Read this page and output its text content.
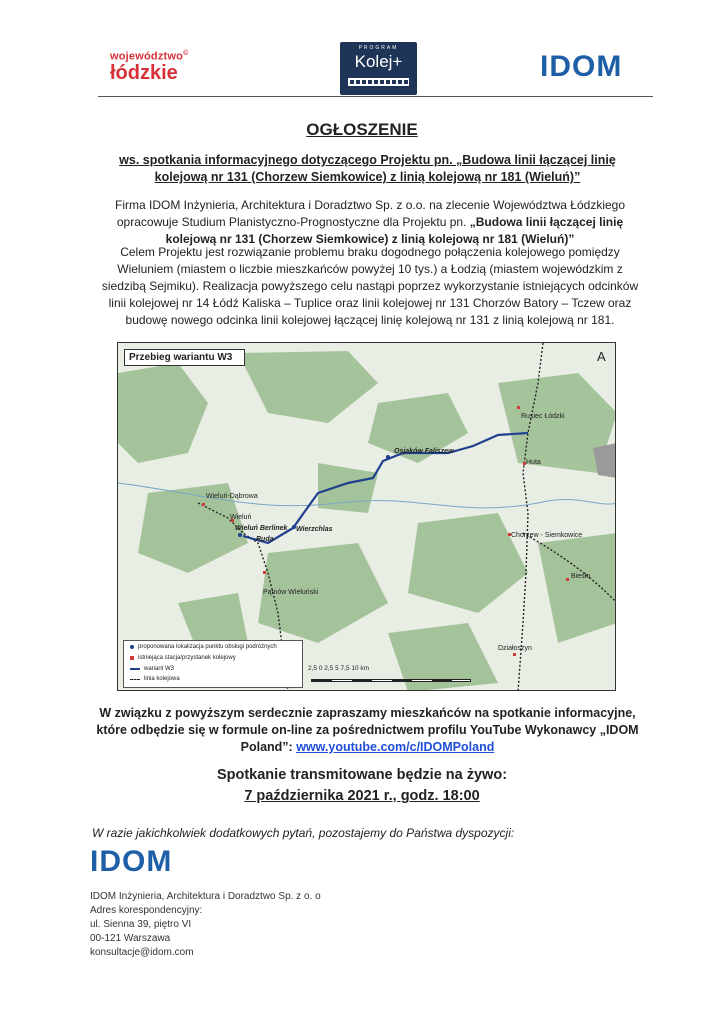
województwo©
łódzkie
PROGRAM
Kolej+	IDOM
OGŁOSZENIE
ws. spotkania informacyjnego dotyczącego Projektu pn. „Budowa linii łączącej linię kolejową nr 131 (Chorzew Siemkowice) z linią kolejową nr 181 (Wieluń)”
Firma IDOM Inżynieria, Architektura i Doradztwo Sp. z o.o. na zlecenie Województwa Łódzkiego opracowuje Studium Planistyczno-Prognostyczne dla Projektu pn. „Budowa linii łączącej linię kolejową nr 131 (Chorzew Siemkowice) z linią kolejową nr 181 (Wieluń)”
Celem Projektu jest rozwiązanie problemu braku dogodnego połączenia kolejowego pomiędzy Wieluniem (miastem o liczbie mieszkańców powyżej 10 tys.) a Łodzią (miastem wojewódzkim z siedzibą Sejmiku). Realizacja powyższego celu nastąpi poprzez wykorzystanie istniejących odcinków linii kolejowej nr 14 Łódź Kaliska – Tuplice oraz linii kolejowej nr 131 Chorzów Batory – Tczew oraz budowę nowego odcinka linii kolejowej łączącej linię kolejową nr 131 z linią kolejową nr 181.
Przebieg wariantu W3	A
Rusiec Łódzki
Osjaków Faliszew
Huta
Wieluń-Dąbrowa
Wieluń
Wieluń Berlinek
Ruda
Wierzchlas
Chorzew - Siemkowice
Biesło
Pątnów Wieluński
Działoszyn
proponowana lokalizacja punktu obsługi podróżnych
istniejąca stacja/przystanek kolejowy
wariant W3
linia kolejowa
2,5 0 2,5 5 7,5 10 km
W związku z powyższym serdecznie zapraszamy mieszkańców na spotkanie informacyjne, które odbędzie się w formule on-line za pośrednictwem profilu YouTube Wykonawcy „IDOM Poland”: www.youtube.com/c/IDOMPoland
Spotkanie transmitowane będzie na żywo:
7 października 2021 r., godz. 18:00
W razie jakichkolwiek dodatkowych pytań, pozostajemy do Państwa dyspozycji:
IDOM
IDOM Inżynieria, Architektura i Doradztwo Sp. z o. o
Adres korespondencyjny:
ul. Sienna 39, piętro VI
00-121 Warszawa
konsultacje@idom.com
